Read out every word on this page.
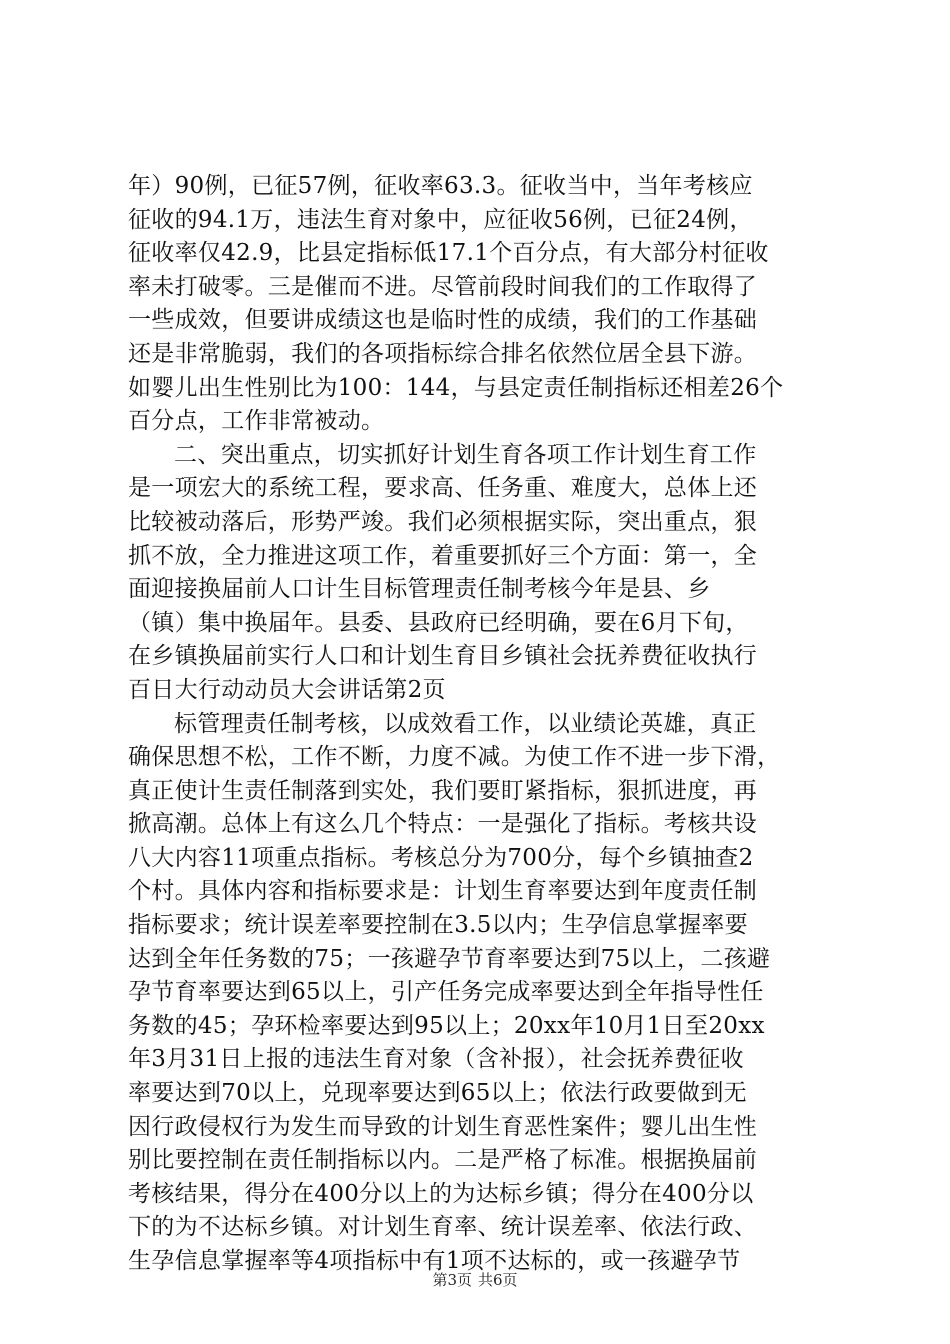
年）90例，已征57例，征收率63.3。征收当中，当年考核应
征收的94.1万，违法生育对象中，应征收56例，已征24例，
征收率仅42.9，比县定指标低17.1个百分点，有大部分村征收
率未打破零。三是催而不进。尽管前段时间我们的工作取得了
一些成效，但要讲成绩这也是临时性的成绩，我们的工作基础
还是非常脆弱，我们的各项指标综合排名依然位居全县下游。
如婴儿出生性别比为100：144，与县定责任制指标还相差26个
百分点，工作非常被动。
二、突出重点，切实抓好计划生育各项工作计划生育工作
是一项宏大的系统工程，要求高、任务重、难度大，总体上还
比较被动落后，形势严竣。我们必须根据实际，突出重点，狠
抓不放，全力推进这项工作，着重要抓好三个方面：第一，全
面迎接换届前人口计生目标管理责任制考核今年是县、乡
（镇）集中换届年。县委、县政府已经明确，要在6月下旬，
在乡镇换届前实行人口和计划生育目乡镇社会抚养费征收执行
百日大行动动员大会讲话第2页
标管理责任制考核，以成效看工作，以业绩论英雄，真正
确保思想不松，工作不断，力度不减。为使工作不进一步下滑，
真正使计生责任制落到实处，我们要盯紧指标，狠抓进度，再
掀高潮。总体上有这么几个特点：一是强化了指标。考核共设
八大内容11项重点指标。考核总分为700分，每个乡镇抽查2
个村。具体内容和指标要求是：计划生育率要达到年度责任制
指标要求；统计误差率要控制在3.5以内；生孕信息掌握率要
达到全年任务数的75；一孩避孕节育率要达到75以上，二孩避
孕节育率要达到65以上，引产任务完成率要达到全年指导性任
务数的45；孕环检率要达到95以上；20xx年10月1日至20xx
年3月31日上报的违法生育对象（含补报），社会抚养费征收
率要达到70以上，兑现率要达到65以上；依法行政要做到无
因行政侵权行为发生而导致的计划生育恶性案件；婴儿出生性
别比要控制在责任制指标以内。二是严格了标准。根据换届前
考核结果，得分在400分以上的为达标乡镇；得分在400分以
下的为不达标乡镇。对计划生育率、统计误差率、依法行政、
生孕信息掌握率等4项指标中有1项不达标的，或一孩避孕节
第3页 共6页
